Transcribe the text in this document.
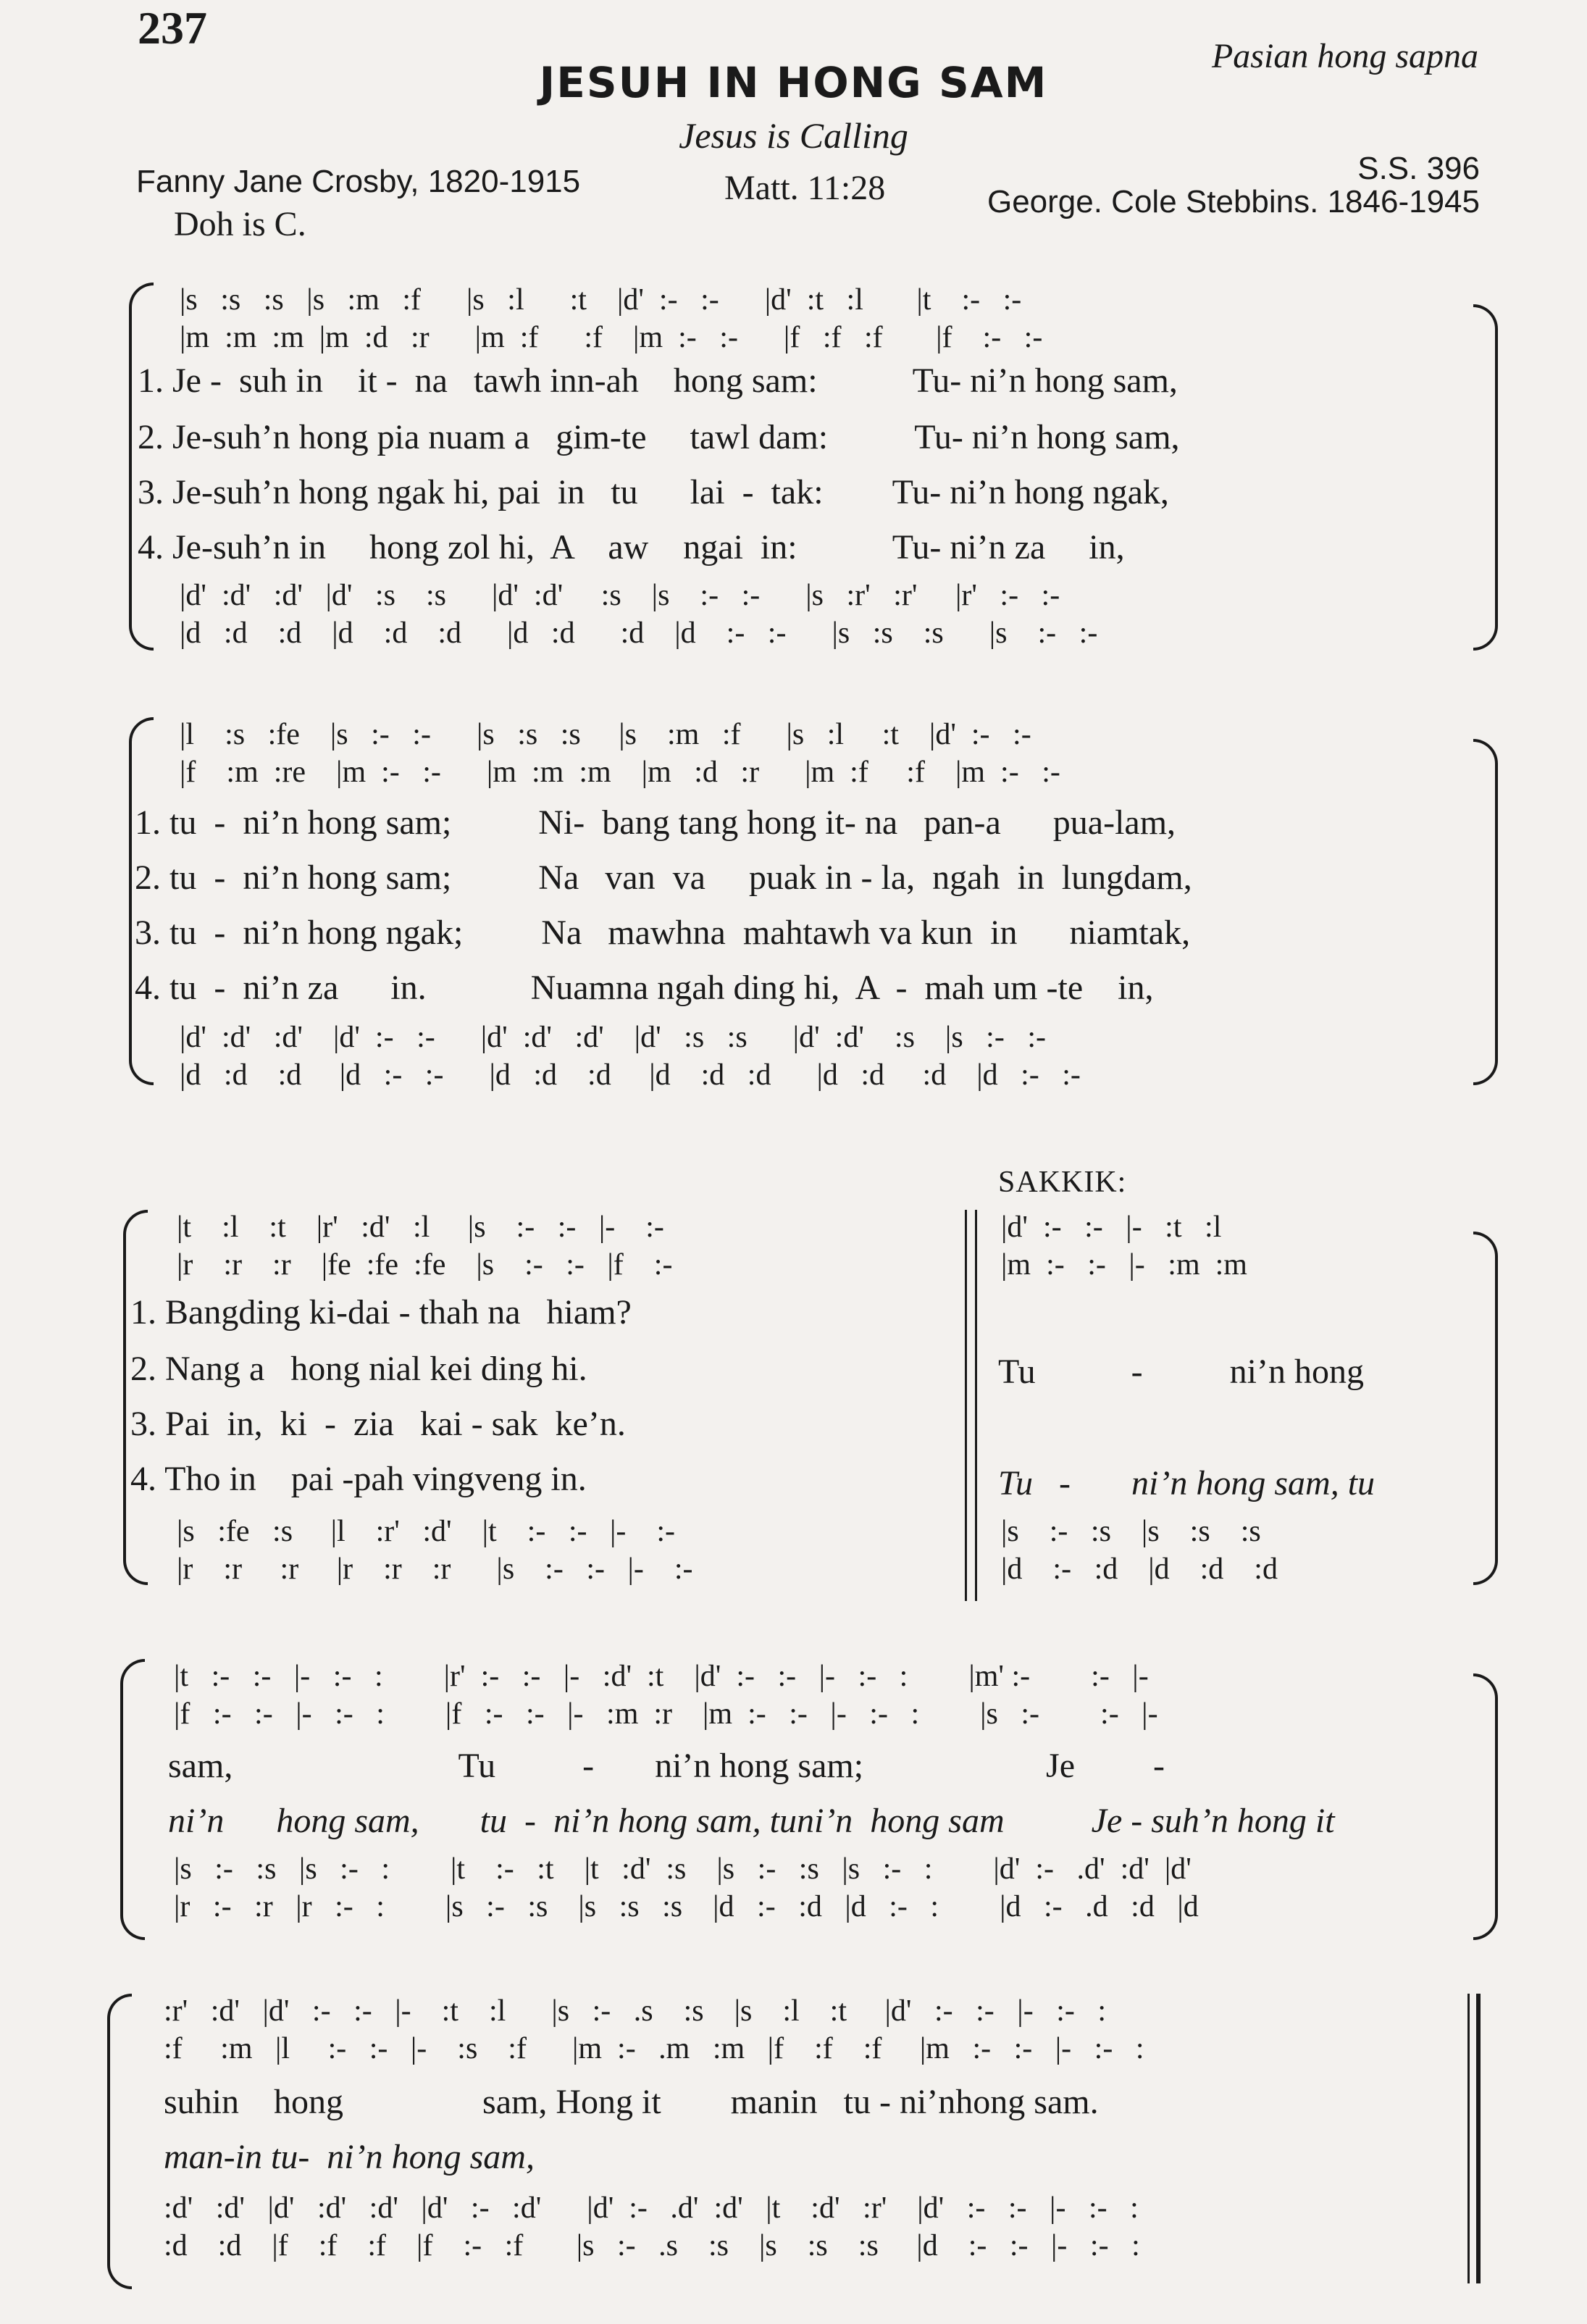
237
Pasian hong sapna
JESUH IN HONG SAM
Jesus is Calling
Fanny Jane Crosby, 1820-1915	Matt. 11:28
S.S. 396
George. Cole Stebbins. 1846-1945
Doh is C.
|s   :s   :s   |s   :m   :f      |s   :l      :t    |d'  :-   :-      |d'  :t   :l       |t    :-   :-
|m  :m  :m  |m  :d   :r      |m  :f      :f    |m  :-   :-      |f   :f   :f       |f    :-   :-
1. Je -  suh in    it -  na   tawh inn-ah    hong sam:           Tu- ni’n hong sam,
2. Je-suh’n hong pia nuam a   gim-te     tawl dam:          Tu- ni’n hong sam,
3. Je-suh’n hong ngak hi, pai  in   tu      lai  -  tak:        Tu- ni’n hong ngak,
4. Je-suh’n in     hong zol hi,  A    aw    ngai  in:           Tu- ni’n za     in,
|d'  :d'   :d'   |d'   :s    :s      |d'  :d'     :s    |s    :-   :-      |s   :r'   :r'     |r'   :-   :-
|d   :d    :d    |d    :d    :d      |d   :d      :d    |d    :-   :-      |s   :s    :s      |s    :-   :-
|l    :s   :fe    |s   :-   :-      |s   :s   :s     |s    :m   :f      |s   :l     :t    |d'  :-   :-
|f    :m  :re    |m  :-   :-      |m  :m  :m    |m   :d   :r      |m  :f     :f    |m  :-   :-
1. tu  -  ni’n hong sam;          Ni-  bang tang hong it- na   pan-a      pua-lam,
2. tu  -  ni’n hong sam;          Na   van  va     puak in - la,  ngah  in  lungdam,
3. tu  -  ni’n hong ngak;         Na   mawhna  mahtawh va kun  in      niamtak,
4. tu  -  ni’n za      in.            Nuamna ngah ding hi,  A  -  mah um -te    in,
|d'  :d'   :d'    |d'  :-   :-      |d'  :d'   :d'    |d'   :s   :s      |d'  :d'    :s    |s   :-   :-
|d   :d    :d     |d   :-   :-      |d   :d    :d     |d    :d   :d      |d   :d     :d    |d   :-   :-
SAKKIK:
|t    :l    :t    |r'   :d'   :l     |s    :-   :-   |-    :-
|r    :r    :r    |fe  :fe  :fe    |s    :-   :-   |f    :-
|d'  :-   :-   |-   :t   :l
|m  :-   :-   |-   :m  :m
1. Bangding ki-dai - thah na   hiam?
2. Nang a   hong nial kei ding hi.	Tu           -          ni’n hong
3. Pai  in,  ki  -  zia   kai - sak  ke’n.
4. Tho in    pai -pah vingveng in.	Tu   -       ni’n hong sam, tu
|s   :fe   :s     |l    :r'   :d'    |t    :-   :-   |-    :-
|r    :r     :r     |r    :r    :r      |s    :-   :-   |-    :-
|s    :-   :s    |s    :s    :s
|d    :-   :d    |d    :d    :d
|t   :-   :-   |-   :-   :        |r'  :-   :-   |-   :d'  :t    |d'  :-   :-   |-   :-   :        |m' :-        :-   |-
|f   :-   :-   |-   :-   :        |f   :-   :-   |-   :m  :r    |m  :-   :-   |-   :-   :        |s   :-        :-   |-
sam,                          Tu          -       ni’n hong sam;                     Je         -
ni’n      hong sam,       tu  -  ni’n hong sam, tuni’n  hong sam          Je - suh’n hong it
|s   :-   :s   |s   :-   :        |t    :-   :t    |t   :d'  :s    |s   :-   :s   |s   :-   :        |d'  :-   .d'  :d'  |d'
|r   :-   :r   |r   :-   :        |s   :-   :s    |s   :s   :s    |d   :-   :d   |d   :-   :        |d   :-   .d   :d   |d
:r'   :d'   |d'   :-   :-   |-    :t    :l      |s   :-   .s    :s    |s    :l    :t     |d'   :-   :-   |-   :-   :
:f     :m   |l     :-   :-   |-    :s    :f      |m  :-   .m   :m   |f    :f    :f     |m   :-   :-   |-   :-   :
suhin    hong                sam, Hong it        manin   tu - ni’nhong sam.
man-in tu-  ni’n hong sam,
:d'   :d'   |d'   :d'   :d'   |d'   :-   :d'      |d'  :-   .d'  :d'   |t    :d'   :r'    |d'   :-   :-   |-   :-   :
:d    :d    |f    :f    :f    |f    :-   :f       |s   :-   .s    :s    |s    :s    :s     |d    :-   :-   |-   :-   :
